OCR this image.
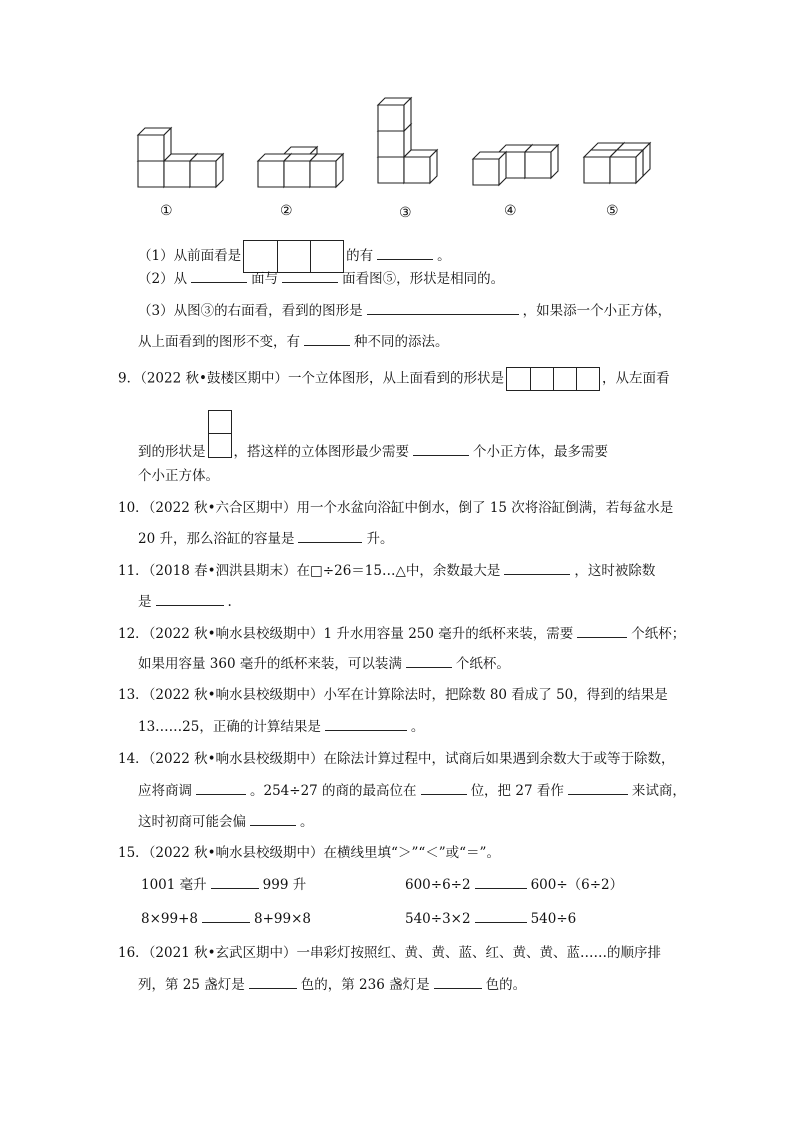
①	②	③	④	⑤
（1）从前面看是	的有	。
（2）从	面与	面看图⑤，形状是相同的。
（3）从图③的右面看，看到的图形是	，如果添一个小正方体，
从上面看到的图形不变，有	种不同的添法。
9．（2022 秋•鼓楼区期中）一个立体图形，从上面看到的形状是	，从左面看
到的形状是 ，搭这样的立体图形最少需要	个小正方体，最多需要
个小正方体。
10．（2022 秋•六合区期中）用一个水盆向浴缸中倒水，倒了 15 次将浴缸倒满，若每盆水是
20 升，那么浴缸的容量是	升。
11．（2018 春•泗洪县期末）在□÷26＝15…△中，余数最大是	，这时被除数
是	.
12．（2022 秋•响水县校级期中）1 升水用容量 250 毫升的纸杯来装，需要	个纸杯；
如果用容量 360 毫升的纸杯来装，可以装满	个纸杯。
13．（2022 秋•响水县校级期中）小军在计算除法时，把除数 80 看成了 50，得到的结果是
13……25，正确的计算结果是	。
14．（2022 秋•响水县校级期中）在除法计算过程中，试商后如果遇到余数大于或等于除数，
应将商调	。254÷27 的商的最高位在	位，把 27 看作	来试商，
这时初商可能会偏	。
15．（2022 秋•响水县校级期中）在横线里填“＞”“＜”或“＝”。
1001 毫升	999 升	600÷6÷2	600÷（6÷2）
8×99+8	8+99×8	540÷3×2	540÷6
16．（2021 秋•玄武区期中）一串彩灯按照红、黄、黄、蓝、红、黄、黄、蓝……的顺序排
列，第 25 盏灯是	色的，第 236 盏灯是	色的。
